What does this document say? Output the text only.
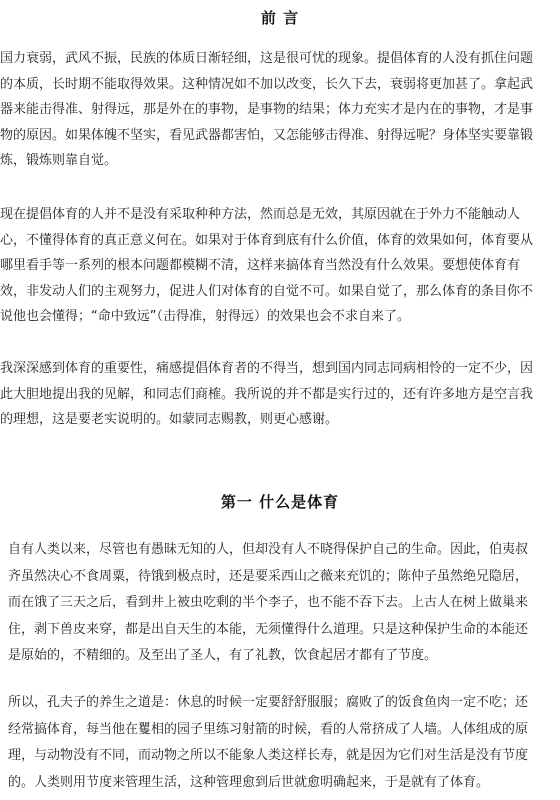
前 言
国力衰弱，武风不振，民族的体质日渐轻细，这是很可忧的现象。提倡体育的人没有抓住问题
的本质，长时期不能取得效果。这种情况如不加以改变，长久下去，衰弱将更加甚了。拿起武
器来能击得准、射得远，那是外在的事物，是事物的结果；体力充实才是内在的事物，才是事
物的原因。如果体魄不坚实，看见武器都害怕，又怎能够击得准、射得远呢？身体坚实要靠锻
炼，锻炼则靠自觉。
现在提倡体育的人并不是没有采取种种方法，然而总是无效，其原因就在于外力不能触动人
心，不懂得体育的真正意义何在。如果对于体育到底有什么价值，体育的效果如何，体育要从
哪里看手等一系列的根本问题都模糊不清，这样来搞体育当然没有什么效果。要想使体育有
效，非发动人们的主观努力，促进人们对体育的自觉不可。如果自觉了，那么体育的条目你不
说他也会懂得；“命中致远”（击得准，射得远）的效果也会不求自来了。
我深深感到体育的重要性，痛感提倡体育者的不得当，想到国内同志同病相怜的一定不少，因
此大胆地提出我的见解，和同志们商榷。我所说的并不都是实行过的，还有许多地方是空言我
的理想，这是要老实说明的。如蒙同志赐教，则更心感谢。
第一 什么是体育
自有人类以来，尽管也有愚昧无知的人，但却没有人不晓得保护自己的生命。因此，伯夷叔
齐虽然决心不食周粟，待饿到极点时，还是要采西山之薇来充饥的；陈仲子虽然绝兄隐居，
而在饿了三天之后，看到井上被虫吃剩的半个李子，也不能不吞下去。上古人在树上做巢来
住，剥下兽皮来穿，都是出自天生的本能，无须懂得什么道理。只是这种保护生命的本能还
是原始的，不精细的。及至出了圣人，有了礼教，饮食起居才都有了节度。
所以，孔夫子的养生之道是：休息的时候一定要舒舒服服；腐败了的饭食鱼肉一定不吃；还
经常搞体育，每当他在矍相的园子里练习射箭的时候，看的人常挤成了人墙。人体组成的原
理，与动物没有不同，而动物之所以不能象人类这样长寿，就是因为它们对生活是没有节度
的。人类则用节度来管理生活，这种管理愈到后世就愈明确起来，于是就有了体育。
